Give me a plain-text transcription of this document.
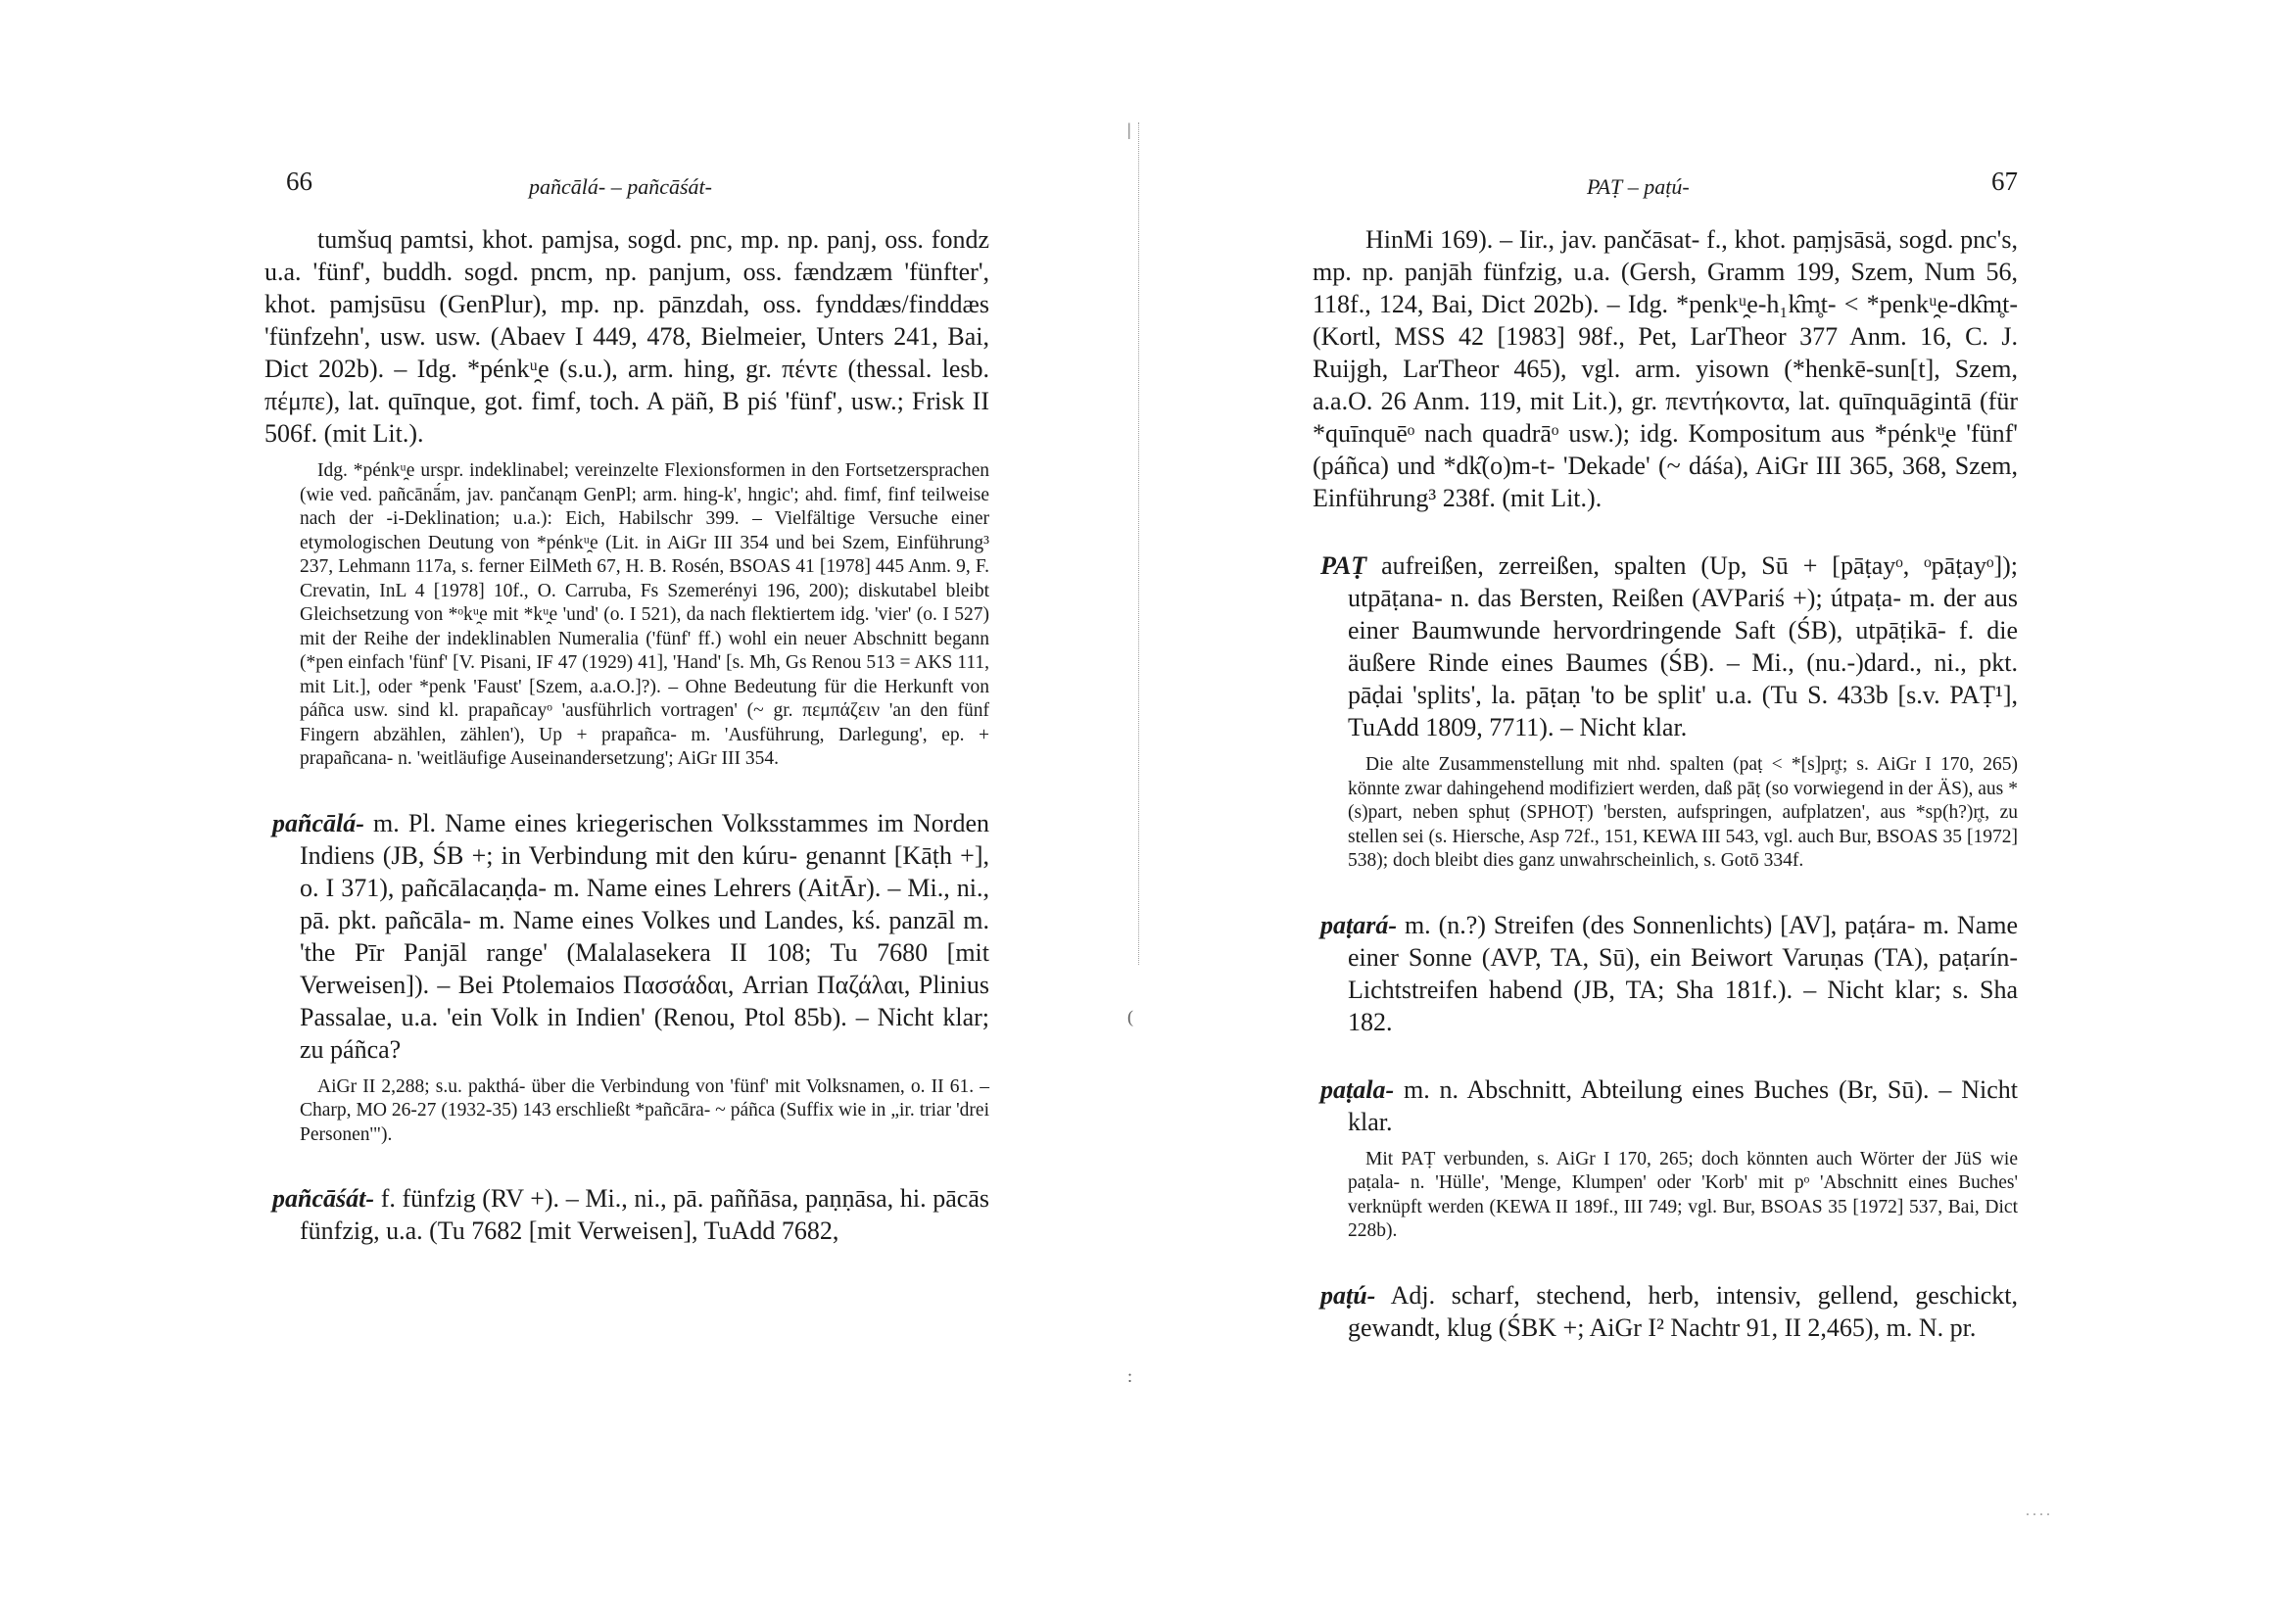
66	pañcālá- – pañcāśát-

tumšuq pamtsi, khot. pamjsa, sogd. pnc, mp. np. panj, oss. fondz u.a. 'fünf', buddh. sogd. pncm, np. panjum, oss. fændzæm 'fünfter', khot. pamjsūsu (GenPlur), mp. np. pānzdah, oss. fynddæs/finddæs 'fünfzehn', usw. usw. (Abaev I 449, 478, Bielmeier, Unters 241, Bai, Dict 202b). – Idg. *pénkᵘ̯e (s.u.), arm. hing, gr. πέντε (thessal. lesb. πέμπε), lat. quīnque, got. fimf, toch. A päñ, B piś 'fünf', usw.; Frisk II 506f. (mit Lit.).

Idg. *pénkᵘ̯e urspr. indeklinabel; vereinzelte Flexionsformen in den Fortsetzersprachen (wie ved. pañcānā́m, jav. pančanąm GenPl; arm. hing-k', hngic'; ahd. fimf, finf teilweise nach der -i-Deklination; u.a.): Eich, Habilschr 399. – Vielfältige Versuche einer etymologischen Deutung von *pénkᵘ̯e (Lit. in AiGr III 354 und bei Szem, Einführung³ 237, Lehmann 117a, s. ferner EilMeth 67, H. B. Rosén, BSOAS 41 [1978] 445 Anm. 9, F. Crevatin, InL 4 [1978] 10f., O. Carruba, Fs Szemerényi 196, 200); diskutabel bleibt Gleichsetzung von *ᵒkᵘ̯e mit *kᵘ̯e 'und' (o. I 521), da nach flektiertem idg. 'vier' (o. I 527) mit der Reihe der indeklinablen Numeralia ('fünf' ff.) wohl ein neuer Abschnitt begann (*pen einfach 'fünf' [V. Pisani, IF 47 (1929) 41], 'Hand' [s. Mh, Gs Renou 513 = AKS 111, mit Lit.], oder *penk 'Faust' [Szem, a.a.O.]?). – Ohne Bedeutung für die Herkunft von páñca usw. sind kl. prapañcayᵒ 'ausführlich vortragen' (~ gr. πεμπάζειν 'an den fünf Fingern abzählen, zählen'), Up + prapañca- m. 'Ausführung, Darlegung', ep. + prapañcana- n. 'weitläufige Auseinandersetzung'; AiGr III 354.

pañcālá- m. Pl. Name eines kriegerischen Volksstammes im Norden Indiens (JB, ŚB +; in Verbindung mit den kúru- genannt [Kāṭh +], o. I 371), pañcālacaṇḍa- m. Name eines Lehrers (AitĀr). – Mi., ni., pā. pkt. pañcāla- m. Name eines Volkes und Landes, kś. panzāl m. 'the Pīr Panjāl range' (Malalasekera II 108; Tu 7680 [mit Verweisen]). – Bei Ptolemaios Πασσάδαι, Arrian Παζάλαι, Plinius Passalae, u.a. 'ein Volk in Indien' (Renou, Ptol 85b). – Nicht klar; zu páñca?

AiGr II 2,288; s.u. pakthá- über die Verbindung von 'fünf' mit Volksnamen, o. II 61. – Charp, MO 26-27 (1932-35) 143 erschließt *pañcāra- ~ páñca (Suffix wie in „ir. triar 'drei Personen'").

pañcāśát- f. fünfzig (RV +). – Mi., ni., pā. paññāsa, paṇṇāsa, hi. pācās fünfzig, u.a. (Tu 7682 [mit Verweisen], TuAdd 7682,

|
(
:
PAṬ – paṭú-	67

HinMi 169). – Iir., jav. pančāsat- f., khot. paṃjsāsä, sogd. pnc's, mp. np. panjāh fünfzig, u.a. (Gersh, Gramm 199, Szem, Num 56, 118f., 124, Bai, Dict 202b). – Idg. *penkᵘ̯e-h₁k̑m̥t- < *penkᵘ̯e-dk̑m̥t- (Kortl, MSS 42 [1983] 98f., Pet, LarTheor 377 Anm. 16, C. J. Ruijgh, LarTheor 465), vgl. arm. yisown (*henkē-sun[t], Szem, a.a.O. 26 Anm. 119, mit Lit.), gr. πεντήκοντα, lat. quīnquāgintā (für *quīnquēᵒ nach quadrāᵒ usw.); idg. Kompositum aus *pénkᵘ̯e 'fünf' (páñca) und *dk̑(o)m-t- 'Dekade' (~ dáśa), AiGr III 365, 368, Szem, Einführung³ 238f. (mit Lit.).

PAṬ aufreißen, zerreißen, spalten (Up, Sū + [pāṭayᵒ, ᵒpāṭayᵒ]); utpāṭana- n. das Bersten, Reißen (AVPariś +); útpaṭa- m. der aus einer Baumwunde hervordringende Saft (ŚB), utpāṭikā- f. die äußere Rinde eines Baumes (ŚB). – Mi., (nu.-)dard., ni., pkt. pāḍai 'splits', la. pāṭaṇ 'to be split' u.a. (Tu S. 433b [s.v. PAṬ¹], TuAdd 1809, 7711). – Nicht klar.

Die alte Zusammenstellung mit nhd. spalten (paṭ < *[s]pr̥t; s. AiGr I 170, 265) könnte zwar dahingehend modifiziert werden, daß pāṭ (so vorwiegend in der ÄS), aus *(s)part, neben sphuṭ (SPHOṬ) 'bersten, aufspringen, aufplatzen', aus *sp(h?)r̥t, zu stellen sei (s. Hiersche, Asp 72f., 151, KEWA III 543, vgl. auch Bur, BSOAS 35 [1972] 538); doch bleibt dies ganz unwahrscheinlich, s. Gotō 334f.

paṭará- m. (n.?) Streifen (des Sonnenlichts) [AV], paṭára- m. Name einer Sonne (AVP, TA, Sū), ein Beiwort Varuṇas (TA), paṭarín- Lichtstreifen habend (JB, TA; Sha 181f.). – Nicht klar; s. Sha 182.

paṭala- m. n. Abschnitt, Abteilung eines Buches (Br, Sū). – Nicht klar.

Mit PAṬ verbunden, s. AiGr I 170, 265; doch könnten auch Wörter der JüS wie paṭala- n. 'Hülle', 'Menge, Klumpen' oder 'Korb' mit pᵒ 'Abschnitt eines Buches' verknüpft werden (KEWA II 189f., III 749; vgl. Bur, BSOAS 35 [1972] 537, Bai, Dict 228b).

paṭú- Adj. scharf, stechend, herb, intensiv, gellend, geschickt, gewandt, klug (ŚBK +; AiGr I² Nachtr 91, II 2,465), m. N. pr.

....
